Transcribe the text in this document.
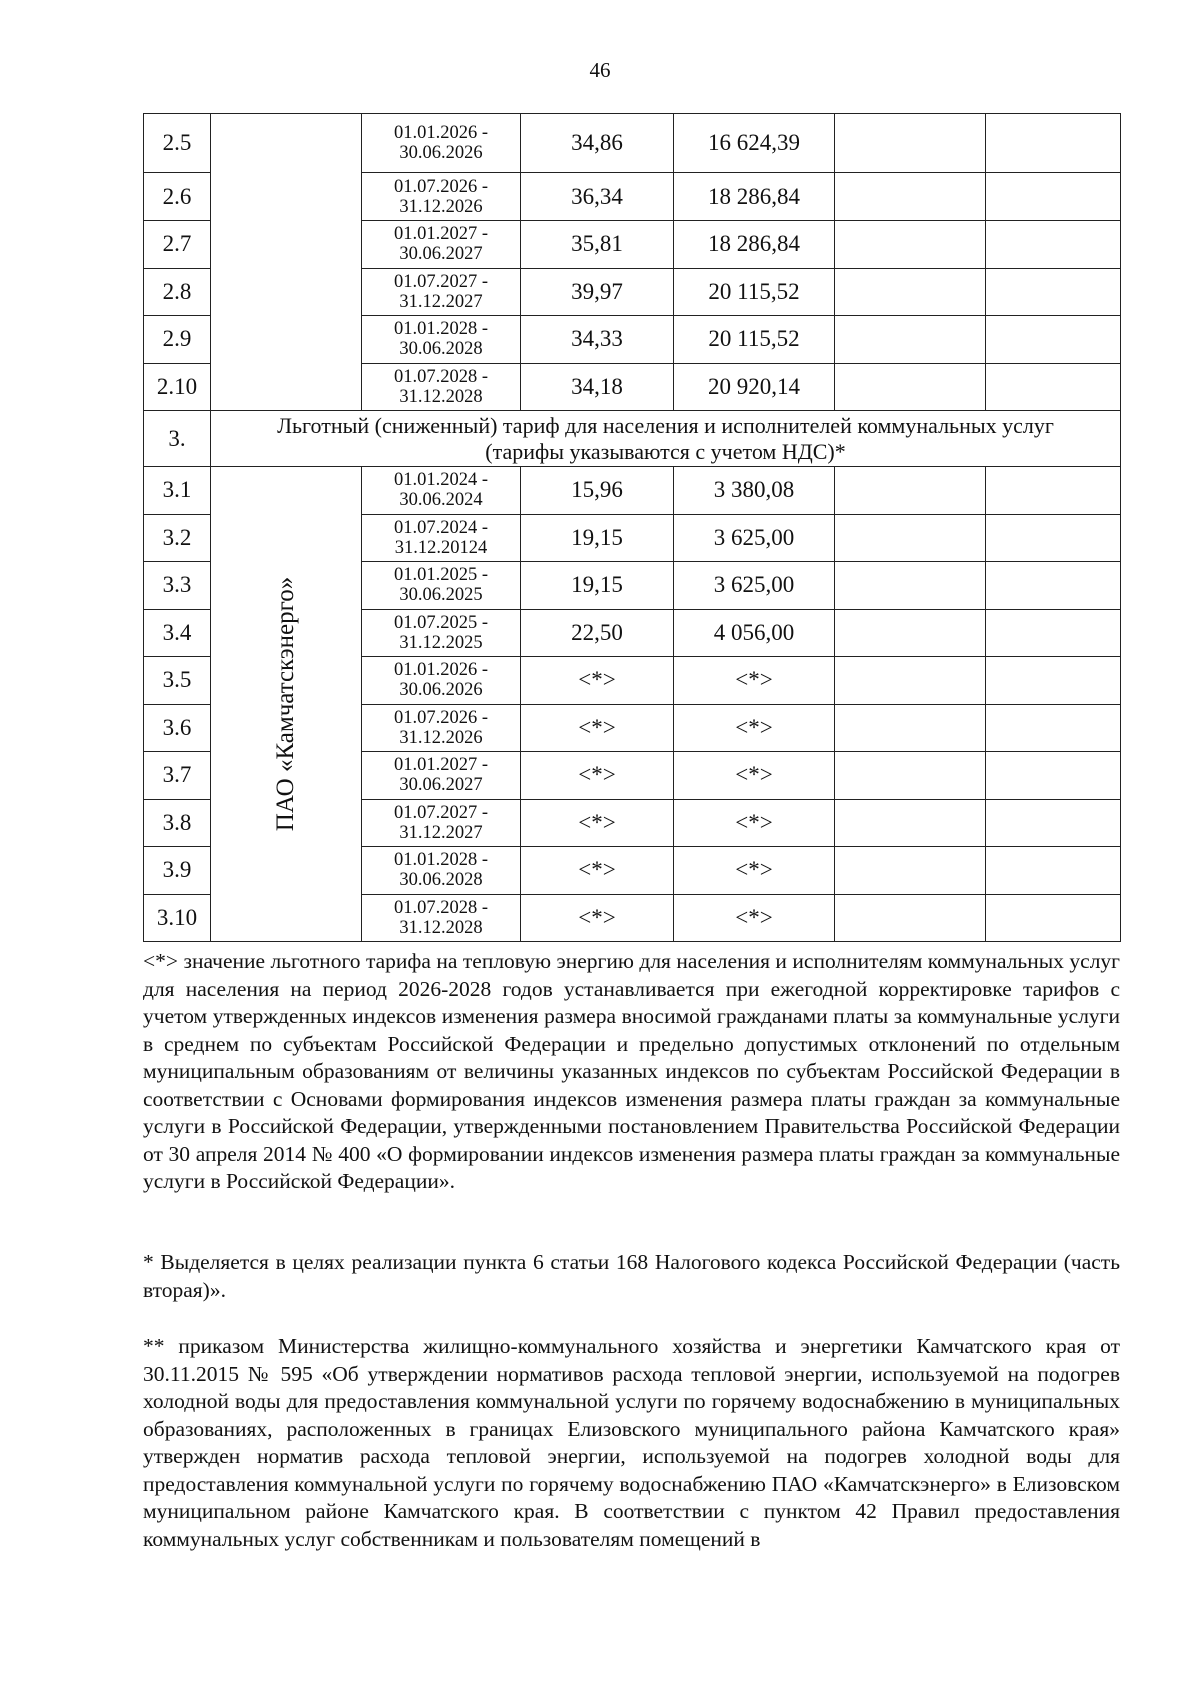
46
2.5		01.01.2026 -
30.06.2026	34,86	16 624,39		
2.6		01.07.2026 -
31.12.2026	36,34	18 286,84		
2.7		01.01.2027 -
30.06.2027	35,81	18 286,84		
2.8		01.07.2027 -
31.12.2027	39,97	20 115,52		
2.9		01.01.2028 -
30.06.2028	34,33	20 115,52		
2.10		01.07.2028 -
31.12.2028	34,18	20 920,14		
3.	Льготный (сниженный) тариф для населения и исполнителей коммунальных услуг
(тарифы указываются с учетом НДС)*					

3.1	ПАО «Камчатскэнерго»	01.01.2024 -
30.06.2024	15,96	3 380,08		
3.2		01.07.2024 -
31.12.20124	19,15	3 625,00		
3.3		01.01.2025 -
30.06.2025	19,15	3 625,00		
3.4		01.07.2025 -
31.12.2025	22,50	4 056,00		
3.5		01.01.2026 -
30.06.2026	<*>	<*>		
3.6		01.07.2026 -
31.12.2026	<*>	<*>		
3.7		01.01.2027 -
30.06.2027	<*>	<*>		
3.8		01.07.2027 -
31.12.2027	<*>	<*>		
3.9		01.01.2028 -
30.06.2028	<*>	<*>		
3.10		01.07.2028 -
31.12.2028	<*>	<*>		
<*> значение льготного тарифа на тепловую энергию для населения и исполнителям коммунальных услуг для населения на период 2026-2028 годов устанавливается при ежегодной корректировке тарифов с учетом утвержденных индексов изменения размера вносимой гражданами платы за коммунальные услуги в среднем по субъектам Российской Федерации и предельно допустимых отклонений по отдельным муниципальным образованиям от величины указанных индексов по субъектам Российской Федерации в соответствии с Основами формирования индексов изменения размера платы граждан за коммунальные услуги в Российской Федерации, утвержденными постановлением Правительства Российской Федерации от 30 апреля 2014 № 400 «О формировании индексов изменения размера платы граждан за коммунальные услуги в Российской Федерации».
* Выделяется в целях реализации пункта 6 статьи 168 Налогового кодекса Российской Федерации (часть вторая)».
** приказом Министерства жилищно-коммунального хозяйства и энергетики Камчатского края от 30.11.2015 № 595 «Об утверждении нормативов расхода тепловой энергии, используемой на подогрев холодной воды для предоставления коммунальной услуги по горячему водоснабжению в муниципальных образованиях, расположенных в границах Елизовского муниципального района Камчатского края» утвержден норматив расхода тепловой энергии, используемой на подогрев холодной воды для предоставления коммунальной услуги по горячему водоснабжению ПАО «Камчатскэнерго» в Елизовском муниципальном районе Камчатского края. В соответствии с пунктом 42 Правил предоставления коммунальных услуг собственникам и пользователям помещений в
